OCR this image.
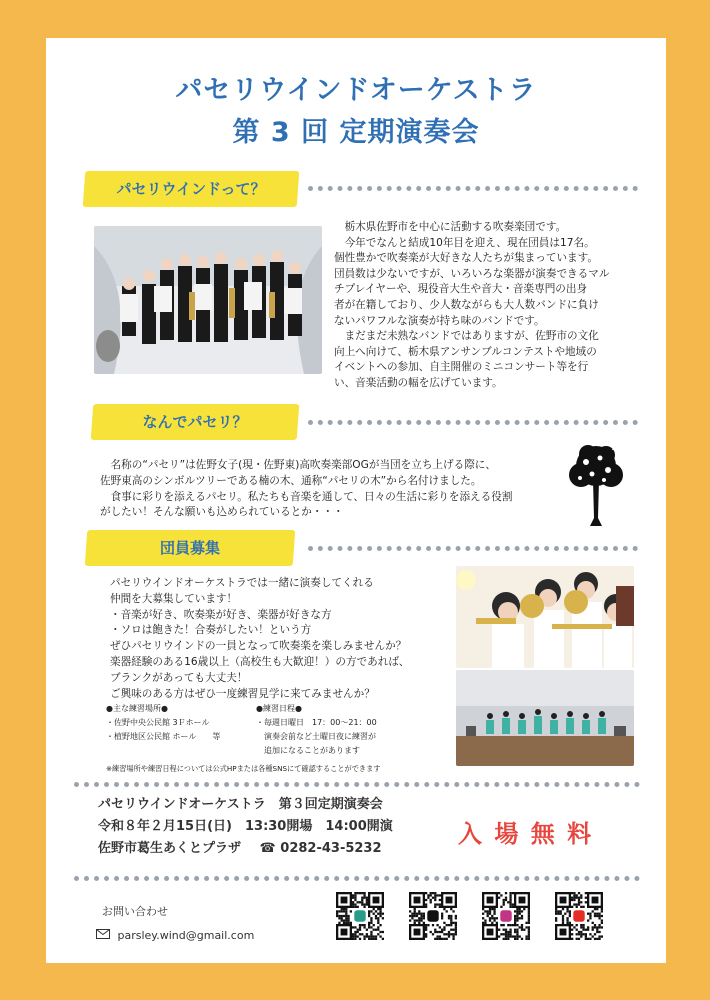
パセリウインドオーケストラ
第 3 回 定期演奏会
パセリウインドって？
　栃木県佐野市を中心に活動する吹奏楽団です。
　今年でなんと結成10年目を迎え、現在団員は17名。
個性豊かで吹奏楽が大好きな人たちが集まっています。
団員数は少ないですが、いろいろな楽器が演奏できるマル
チプレイヤーや、現役音大生や音大・音楽専門の出身
者が在籍しており、少人数ながらも大人数バンドに負け
ないパワフルな演奏が持ち味のバンドです。
　まだまだ未熟なバンドではありますが、佐野市の文化
向上へ向けて、栃木県アンサンブルコンテストや地域の
イベントへの参加、自主開催のミニコンサート等を行
い、音楽活動の幅を広げています。
なんでパセリ？
　名称の“パセリ”は佐野女子(現・佐野東)高吹奏楽部OGが当団を立ち上げる際に、
佐野東高のシンボルツリーである楠の木、通称“パセリの木”から名付けました。
　食事に彩りを添えるパセリ。私たちも音楽を通して、日々の生活に彩りを添える役割
がしたい！そんな願いも込められているとか・・・
団員募集
パセリウインドオーケストラでは一緒に演奏してくれる
仲間を大募集しています！
・音楽が好き、吹奏楽が好き、楽器が好きな方
・ソロは飽きた！合奏がしたい！という方
ぜひパセリウインドの一員となって吹奏楽を楽しみませんか？
楽器経験のある16歳以上（高校生も大歓迎！）の方であれば、
ブランクがあっても大丈夫！
ご興味のある方はぜひ一度練習見学に来てみませんか？
●主な練習場所●
・佐野中央公民館 3Ｆホール
・植野地区公民館 ホール　　等
●練習日程●
・毎週日曜日　17：00～21：00
　演奏会前など土曜日夜に練習が
　追加になることがあります
※練習場所や練習日程については公式HPまたは各種SNSにて確認することができます
パセリウインドオーケストラ　第３回定期演奏会
令和８年２月15日(日)　13:30開場　14:00開演
佐野市葛生あくとプラザ ☎ 0282-43-5232
入 場 無 料
お問い合わせ
parsley.wind@gmail.com
